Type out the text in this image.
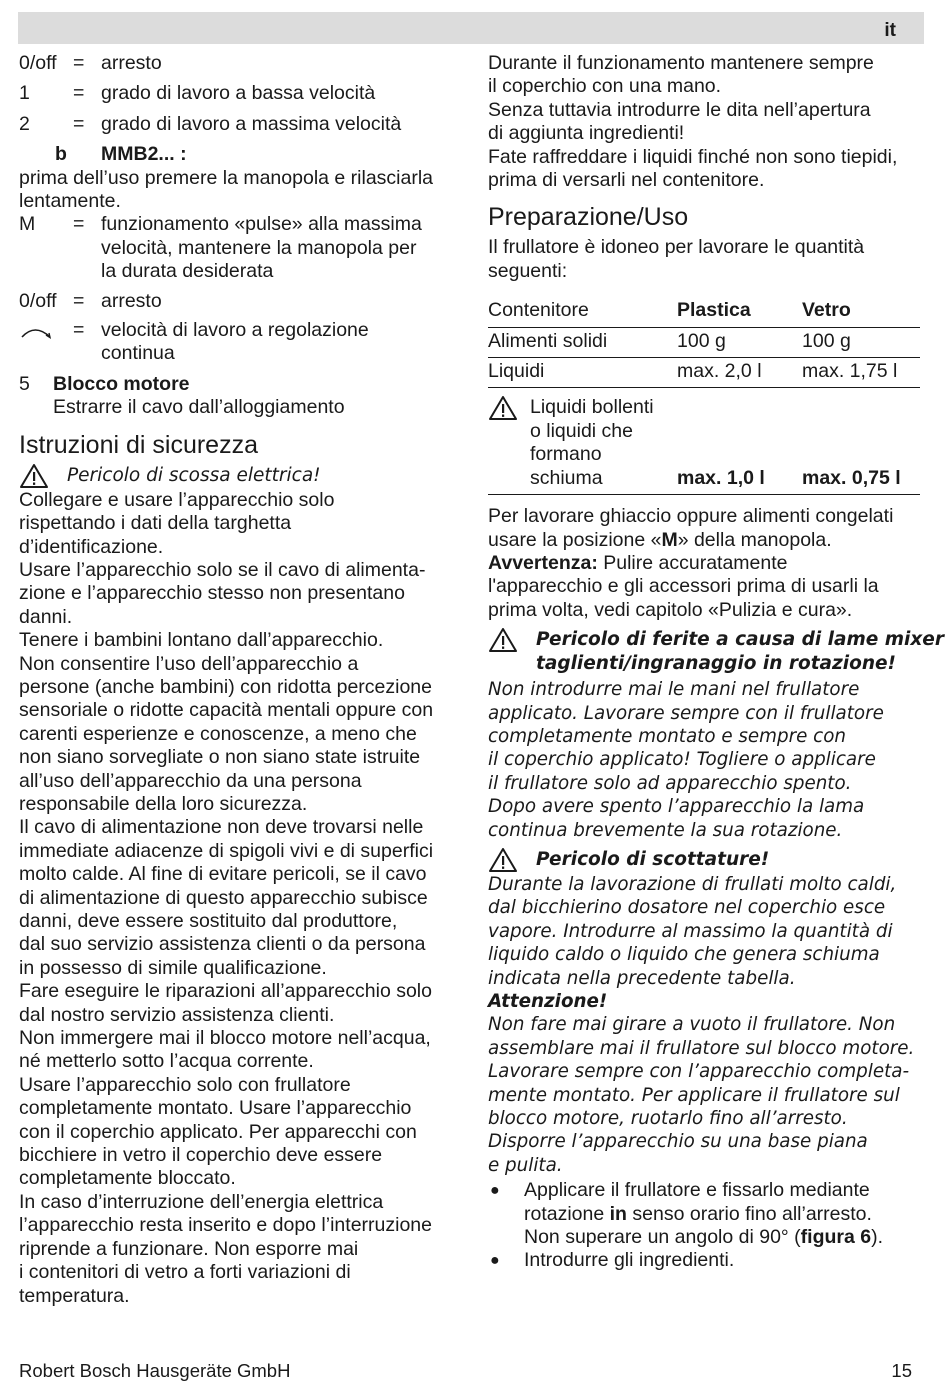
it
0/off = arresto
1	= grado di lavoro a bassa velocità
2	= grado di lavoro a massima velocità
b	MMB2... :
prima dell’uso premere la manopola e rilasciarla
lentamente.
M	= funzionamento «pulse» alla massima
velocità, mantenere la manopola per
la durata desiderata
0/off = arresto
= velocità di lavoro a regolazione
continua
5	Blocco motore
Estrarre il cavo dall’alloggiamento
Istruzioni di sicurezza
Pericolo di scossa elettrica!
Collegare e usare l’apparecchio solo
rispettando i dati della targhetta
d’identificazione.
Usare l’apparecchio solo se il cavo di alimenta-
zione e l’apparecchio stesso non presentano
danni.
Tenere i bambini lontano dall’apparecchio.
Non consentire l’uso dell’apparecchio a
persone (anche bambini) con ridotta percezione
sensoriale o ridotte capacità mentali oppure con
carenti esperienze e conoscenze, a meno che
non siano sorvegliate o non siano state istruite
all’uso dell’apparecchio da una persona
responsabile della loro sicurezza.
Il cavo di alimentazione non deve trovarsi nelle
immediate adiacenze di spigoli vivi e di superfici
molto calde. Al fine di evitare pericoli, se il cavo
di alimentazione di questo apparecchio subisce
danni, deve essere sostituito dal produttore,
dal suo servizio assistenza clienti o da persona
in possesso di simile qualificazione.
Fare eseguire le riparazioni all’apparecchio solo
dal nostro servizio assistenza clienti.
Non immergere mai il blocco motore nell’acqua,
né metterlo sotto l’acqua corrente.
Usare l’apparecchio solo con frullatore
completamente montato. Usare l’apparecchio
con il coperchio applicato. Per apparecchi con
bicchiere in vetro il coperchio deve essere
completamente bloccato.
In caso d’interruzione dell’energia elettrica
l’apparecchio resta inserito e dopo l’interruzione
riprende a funzionare. Non esporre mai
i contenitori di vetro a forti variazioni di
temperatura.
Durante il funzionamento mantenere sempre
il coperchio con una mano.
Senza tuttavia introdurre le dita nell’apertura
di aggiunta ingredienti!
Fate raffreddare i liquidi finché non sono tiepidi,
prima di versarli nel contenitore.
Preparazione/Uso
Il frullatore è idoneo per lavorare le quantità
seguenti:
Contenitore	Plastica	Vetro
Alimenti solidi	100 g	100 g
Liquidi	max. 2,0 l	max. 1,75 l

Liquidi bollenti
o liquidi che
formano
schiuma	max. 1,0 l	max. 0,75 l
Per lavorare ghiaccio oppure alimenti congelati
usare la posizione «M» della manopola.
Avvertenza: Pulire accuratamente
l'apparecchio e gli accessori prima di usarli la
prima volta, vedi capitolo «Pulizia e cura».
Pericolo di ferite a causa di lame mixer
taglienti/ingranaggio in rotazione!
Non introdurre mai le mani nel frullatore
applicato. Lavorare sempre con il frullatore
completamente montato e sempre con
il coperchio applicato! Togliere o applicare
il frullatore solo ad apparecchio spento.
Dopo avere spento l’apparecchio la lama
continua brevemente la sua rotazione.
Pericolo di scottature!
Durante la lavorazione di frullati molto caldi,
dal bicchierino dosatore nel coperchio esce
vapore. Introdurre al massimo la quantità di
liquido caldo o liquido che genera schiuma
indicata nella precedente tabella.
Attenzione!
Non fare mai girare a vuoto il frullatore. Non
assemblare mai il frullatore sul blocco motore.
Lavorare sempre con l’apparecchio completa-
mente montato. Per applicare il frullatore sul
blocco motore, ruotarlo fino all’arresto.
Disporre l’apparecchio su una base piana
e pulita.
●	Applicare il frullatore e fissarlo mediante
rotazione in senso orario fino all’arresto.
Non superare un angolo di 90° (figura 6).
●	Introdurre gli ingredienti.
Robert Bosch Hausgeräte GmbH	15
